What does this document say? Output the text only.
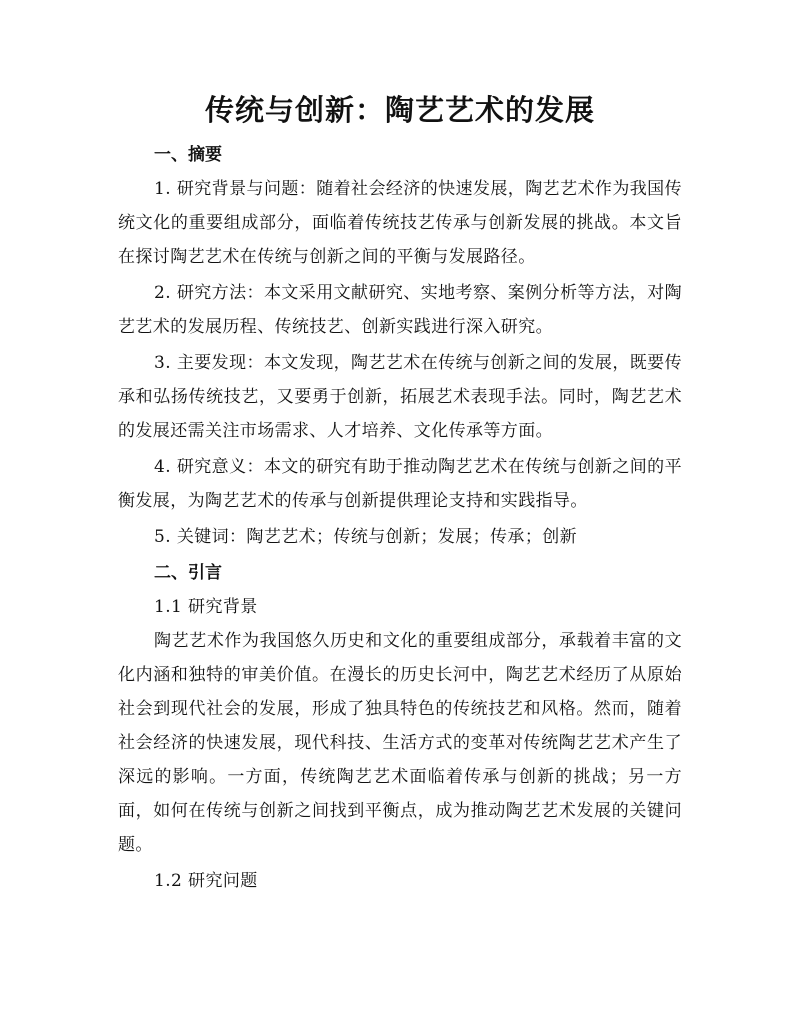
传统与创新：陶艺艺术的发展
一、摘要

1. 研究背景与问题：随着社会经济的快速发展，陶艺艺术作为我国传统文化的重要组成部分，面临着传统技艺传承与创新发展的挑战。本文旨在探讨陶艺艺术在传统与创新之间的平衡与发展路径。

2. 研究方法：本文采用文献研究、实地考察、案例分析等方法，对陶艺艺术的发展历程、传统技艺、创新实践进行深入研究。

3. 主要发现：本文发现，陶艺艺术在传统与创新之间的发展，既要传承和弘扬传统技艺，又要勇于创新，拓展艺术表现手法。同时，陶艺艺术的发展还需关注市场需求、人才培养、文化传承等方面。

4. 研究意义：本文的研究有助于推动陶艺艺术在传统与创新之间的平衡发展，为陶艺艺术的传承与创新提供理论支持和实践指导。

5. 关键词：陶艺艺术；传统与创新；发展；传承；创新

二、引言
1.1 研究背景

陶艺艺术作为我国悠久历史和文化的重要组成部分，承载着丰富的文化内涵和独特的审美价值。在漫长的历史长河中，陶艺艺术经历了从原始社会到现代社会的发展，形成了独具特色的传统技艺和风格。然而，随着社会经济的快速发展，现代科技、生活方式的变革对传统陶艺艺术产生了深远的影响。一方面，传统陶艺艺术面临着传承与创新的挑战；另一方面，如何在传统与创新之间找到平衡点，成为推动陶艺艺术发展的关键问题。

1.2 研究问题
